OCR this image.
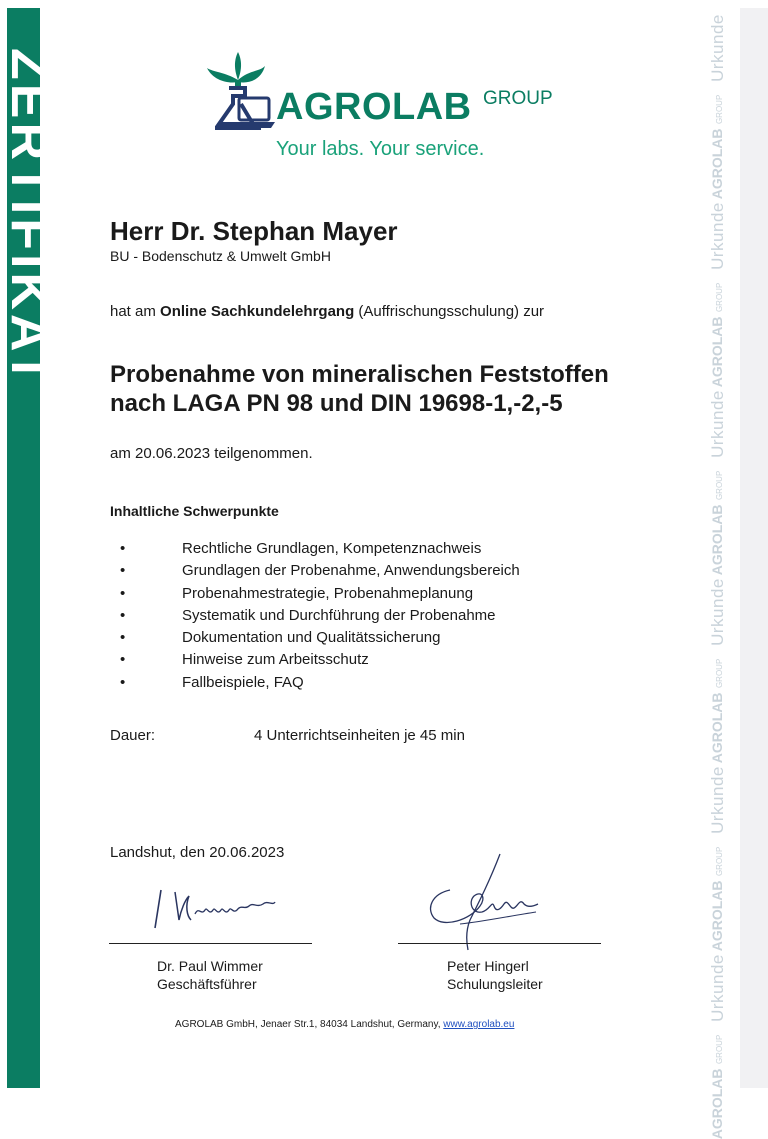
ZERTIFIKAT	Urkunde
AGROLAB GROUP
Urkunde
AGROLAB GROUP
Urkunde
AGROLAB GROUP
Urkunde
AGROLAB GROUP
Urkunde
AGROLAB GROUP
Urkunde
AGROLAB GROUP
AGROLAB GROUP
Your labs. Your service.
Herr Dr. Stephan Mayer
BU - Bodenschutz & Umwelt GmbH
hat am Online Sachkundelehrgang (Auffrischungsschulung) zur
Probenahme von mineralischen Feststoffen
nach LAGA PN 98 und DIN 19698-1,-2,-5
am 20.06.2023 teilgenommen.
Inhaltliche Schwerpunkte
•	Rechtliche Grundlagen, Kompetenznachweis
•	Grundlagen der Probenahme, Anwendungsbereich
•	Probenahmestrategie, Probenahmeplanung
•	Systematik und Durchführung der Probenahme
•	Dokumentation und Qualitätssicherung
•	Hinweise zum Arbeitsschutz
•	Fallbeispiele, FAQ
Dauer:	4 Unterrichtseinheiten je 45 min
Landshut, den 20.06.2023
Dr. Paul Wimmer
Geschäftsführer
Peter Hingerl
Schulungsleiter
AGROLAB GmbH, Jenaer Str.1, 84034 Landshut, Germany, www.agrolab.eu
